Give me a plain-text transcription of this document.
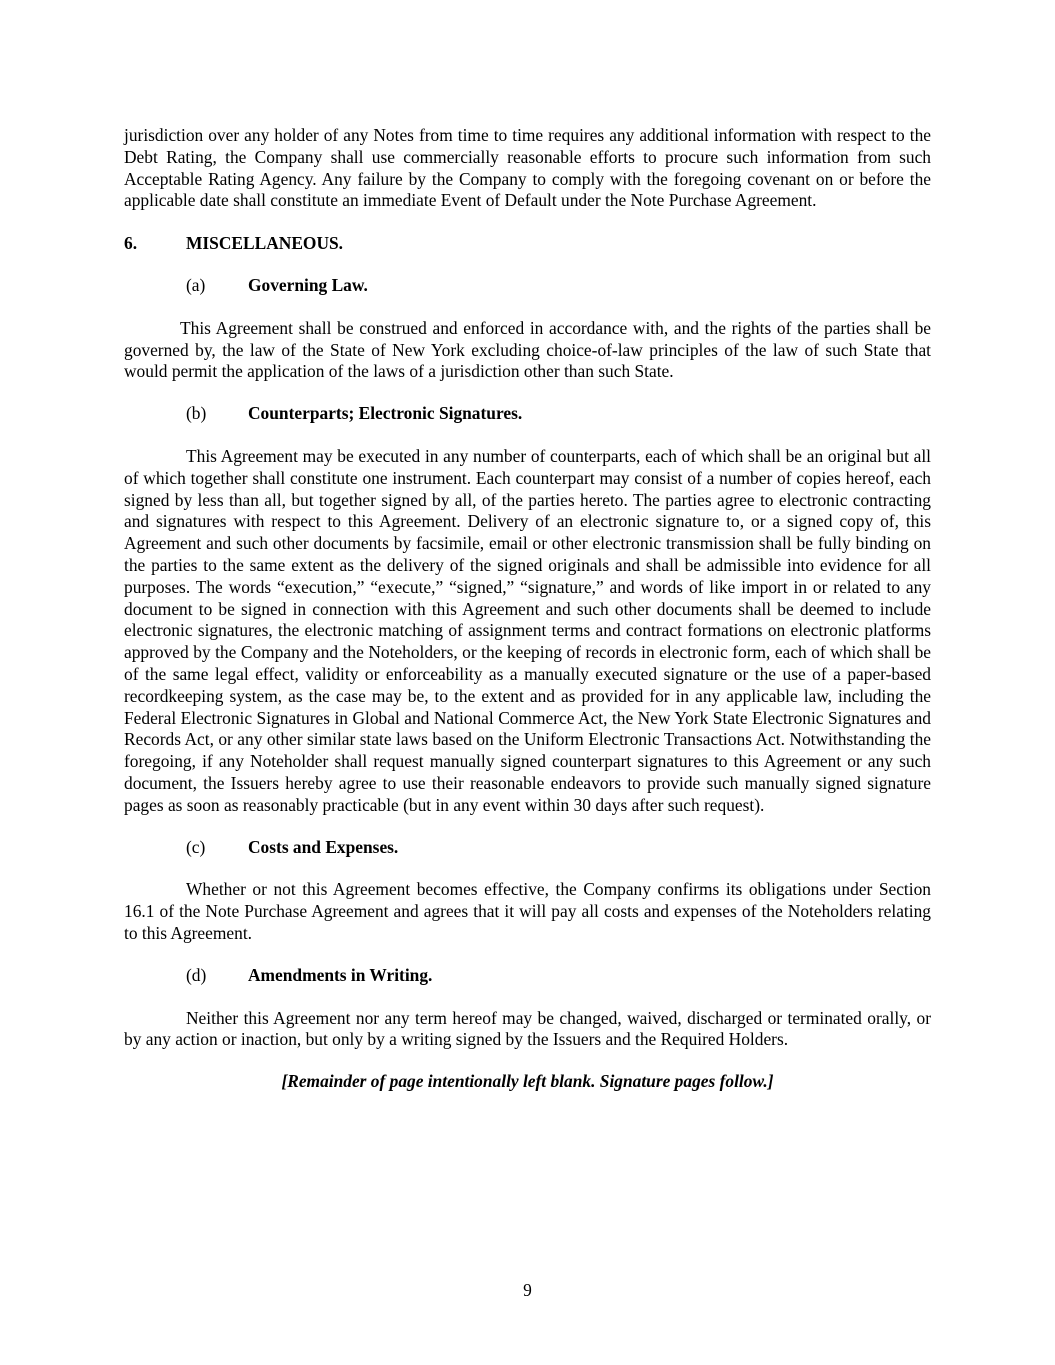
jurisdiction over any holder of any Notes from time to time requires any additional information with respect to the Debt Rating, the Company shall use commercially reasonable efforts to procure such information from such Acceptable Rating Agency. Any failure by the Company to comply with the foregoing covenant on or before the applicable date shall constitute an immediate Event of Default under the Note Purchase Agreement.

6.	MISCELLANEOUS.
(a)	Governing Law.

This Agreement shall be construed and enforced in accordance with, and the rights of the parties shall be governed by, the law of the State of New York excluding choice-of-law principles of the law of such State that would permit the application of the laws of a jurisdiction other than such State.

(b)	Counterparts; Electronic Signatures.

This Agreement may be executed in any number of counterparts, each of which shall be an original but all of which together shall constitute one instrument. Each counterpart may consist of a number of copies hereof, each signed by less than all, but together signed by all, of the parties hereto. The parties agree to electronic contracting and signatures with respect to this Agreement. Delivery of an electronic signature to, or a signed copy of, this Agreement and such other documents by facsimile, email or other electronic transmission shall be fully binding on the parties to the same extent as the delivery of the signed originals and shall be admissible into evidence for all purposes. The words “execution,” “execute,” “signed,” “signature,” and words of like import in or related to any document to be signed in connection with this Agreement and such other documents shall be deemed to include electronic signatures, the electronic matching of assignment terms and contract formations on electronic platforms approved by the Company and the Noteholders, or the keeping of records in electronic form, each of which shall be of the same legal effect, validity or enforceability as a manually executed signature or the use of a paper-based recordkeeping system, as the case may be, to the extent and as provided for in any applicable law, including the Federal Electronic Signatures in Global and National Commerce Act, the New York State Electronic Signatures and Records Act, or any other similar state laws based on the Uniform Electronic Transactions Act. Notwithstanding the foregoing, if any Noteholder shall request manually signed counterpart signatures to this Agreement or any such document, the Issuers hereby agree to use their reasonable endeavors to provide such manually signed signature pages as soon as reasonably practicable (but in any event within 30 days after such request).

(c)	Costs and Expenses.

Whether or not this Agreement becomes effective, the Company confirms its obligations under Section 16.1 of the Note Purchase Agreement and agrees that it will pay all costs and expenses of the Noteholders relating to this Agreement.

(d)	Amendments in Writing.

Neither this Agreement nor any term hereof may be changed, waived, discharged or terminated orally, or by any action or inaction, but only by a writing signed by the Issuers and the Required Holders.

[Remainder of page intentionally left blank. Signature pages follow.]

9
